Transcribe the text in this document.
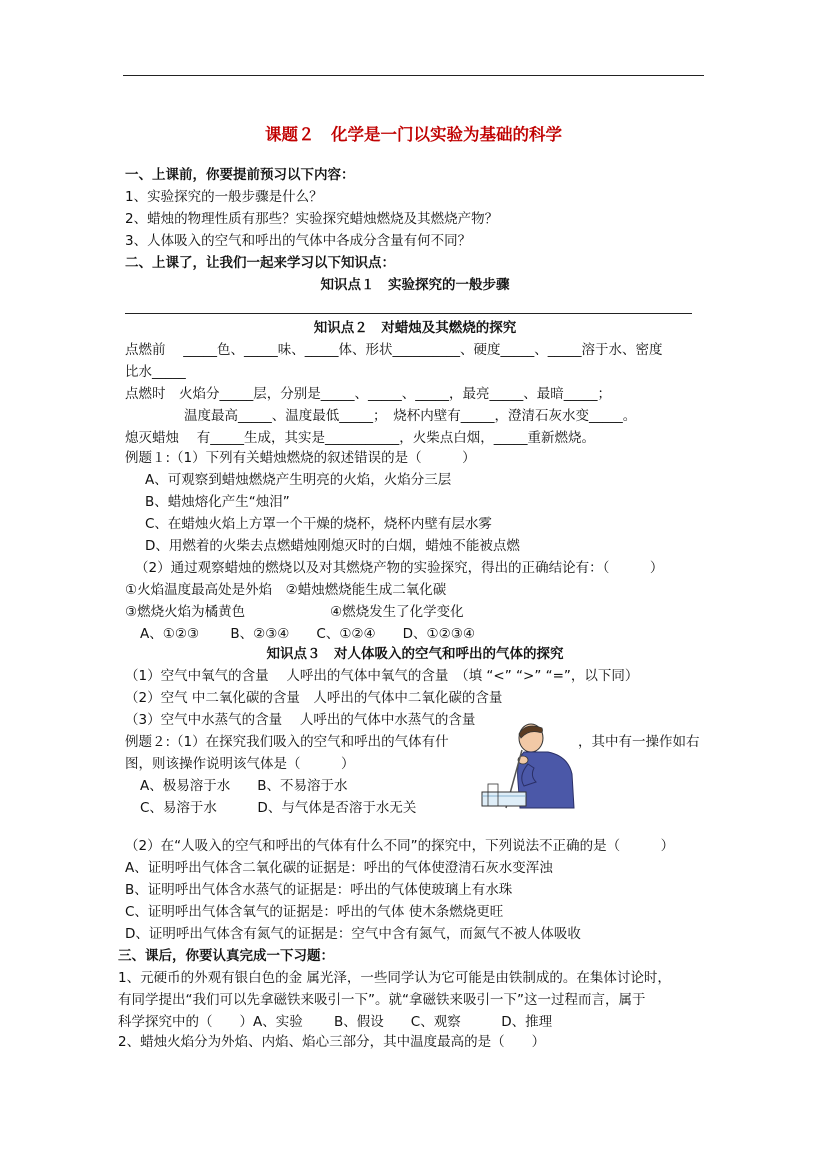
课题２　化学是一门以实验为基础的科学
一、上课前，你要提前预习以下内容：
1、实验探究的一般步骤是什么？
2、蜡烛的物理性质有那些？实验探究蜡烛燃烧及其燃烧产物？
3、人体吸入的空气和呼出的气体中各成分含量有何不同？
二、上课了，让我们一起来学习以下知识点：
知识点１　实验探究的一般步骤
知识点２　对蜡烛及其燃烧的探究
点燃前　 _____色、_____味、_____体、形状__________、硬度_____、_____溶于水、密度
比水_____
点燃时　火焰分_____层，分别是_____、_____、_____，最亮_____、最暗_____；
温度最高_____、温度最低_____；　烧杯内壁有_____，澄清石灰水变_____。
熄灭蜡烛　 有_____生成，其实是___________，火柴点白烟，_____重新燃烧。
例题１:（1）下列有关蜡烛燃烧的叙述错误的是（　　　）
A、可观察到蜡烛燃烧产生明亮的火焰，火焰分三层
B、蜡烛熔化产生“烛泪”
C、在蜡烛火焰上方罩一个干燥的烧杯，烧杯内壁有层水雾
D、用燃着的火柴去点燃蜡烛刚熄灭时的白烟，蜡烛不能被点燃
（2）通过观察蜡烛的燃烧以及对其燃烧产物的实验探究，得出的正确结论有：（　　　）
①火焰温度最高处是外焰　②蜡烛燃烧能生成二氧化碳
③燃烧火焰为橘黄色	④燃烧发生了化学变化
A、①②③　　 B、②③④　　C、①②④　　D、①②③④
知识点３　对人体吸入的空气和呼出的气体的探究
（1）空气中氧气的含量　 人呼出的气体中氧气的含量　（填 “<” “>” “=”，以下同）
（2）空气 中二氧化碳的含量　人呼出的气体中二氧化碳的含量
（3）空气中水蒸气的含量　 人呼出的气体中水蒸气的含量
例题２:（1）在探究我们吸入的空气和呼出的气体有什	，其中有一操作如右
图，则该操作说明该气体是（　　　）
A、极易溶于水　　B、不易溶于水
C、易溶于水　　　D、与气体是否溶于水无关
（2）在“人吸入的空气和呼出的气体有什么不同”的探究中，下列说法不正确的是（　　　）
A、证明呼出气体含二氧化碳的证据是：呼出的气体使澄清石灰水变浑浊
B、证明呼出气体含水蒸气的证据是：呼出的气体使玻璃上有水珠
C、证明呼出气体含氧气的证据是：呼出的气体 使木条燃烧更旺
D、证明呼出气体含有氮气的证据是：空气中含有氮气，而氮气不被人体吸收
三、课后，你要认真完成一下习题：
1、元硬币的外观有银白色的金 属光泽，一些同学认为它可能是由铁制成的。在集体讨论时，
有同学提出“我们可以先拿磁铁来吸引一下”。就“拿磁铁来吸引一下”这一过程而言，属于
科学探究中的（　　）A、实验　　 B、假设　　C、观察　　　D、推理
2、蜡烛火焰分为外焰、内焰、焰心三部分，其中温度最高的是（　　）
